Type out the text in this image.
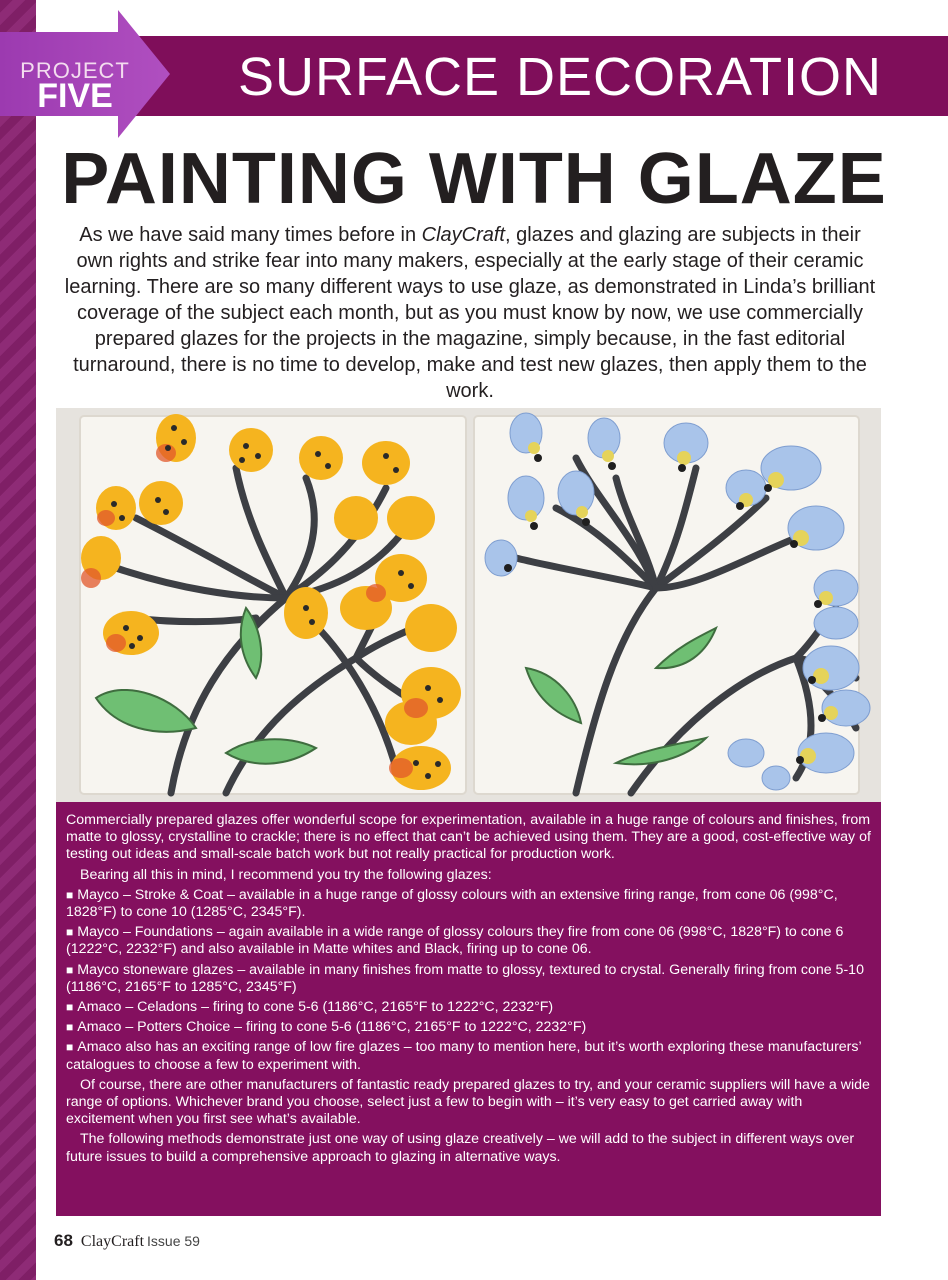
PROJECT
FIVE	SURFACE DECORATION
PAINTING WITH GLAZE

As we have said many times before in ClayCraft, glazes and glazing are subjects in their own rights and strike fear into many makers, especially at the early stage of their ceramic learning. There are so many different ways to use glaze, as demonstrated in Linda’s brilliant coverage of the subject each month, but as you must know by now, we use commercially prepared glazes for the projects in the magazine, simply because, in the fast editorial turnaround, there is no time to develop, make and test new glazes, then apply them to the work.

Commercially prepared glazes offer wonderful scope for experimentation, available in a huge range of colours and finishes, from matte to glossy, crystalline to crackle; there is no effect that can’t be achieved using them. They are a good, cost-effective way of testing out ideas and small-scale batch work but not really practical for production work.

Bearing all this in mind, I recommend you try the following glazes:

■ Mayco – Stroke & Coat – available in a huge range of glossy colours with an extensive firing range, from cone 06 (998°C, 1828°F) to cone 10 (1285°C, 2345°F).

■ Mayco – Foundations – again available in a wide range of glossy colours they fire from cone 06 (998°C, 1828°F) to cone 6 (1222°C, 2232°F) and also available in Matte whites and Black, firing up to cone 06.

■ Mayco stoneware glazes – available in many finishes from matte to glossy, textured to crystal. Generally firing from cone 5-10 (1186°C, 2165°F to 1285°C, 2345°F)

■ Amaco – Celadons – firing to cone 5-6 (1186°C, 2165°F to 1222°C, 2232°F)

■ Amaco – Potters Choice – firing to cone 5-6 (1186°C, 2165°F to 1222°C, 2232°F)

■ Amaco also has an exciting range of low fire glazes – too many to mention here, but it’s worth exploring these manufacturers’ catalogues to choose a few to experiment with.

Of course, there are other manufacturers of fantastic ready prepared glazes to try, and your ceramic suppliers will have a wide range of options. Whichever brand you choose, select just a few to begin with – it’s very easy to get carried away with excitement when you first see what’s available.

The following methods demonstrate just one way of using glaze creatively – we will add to the subject in different ways over future issues to build a comprehensive approach to glazing in alternative ways.

68 ClayCraft Issue 59
